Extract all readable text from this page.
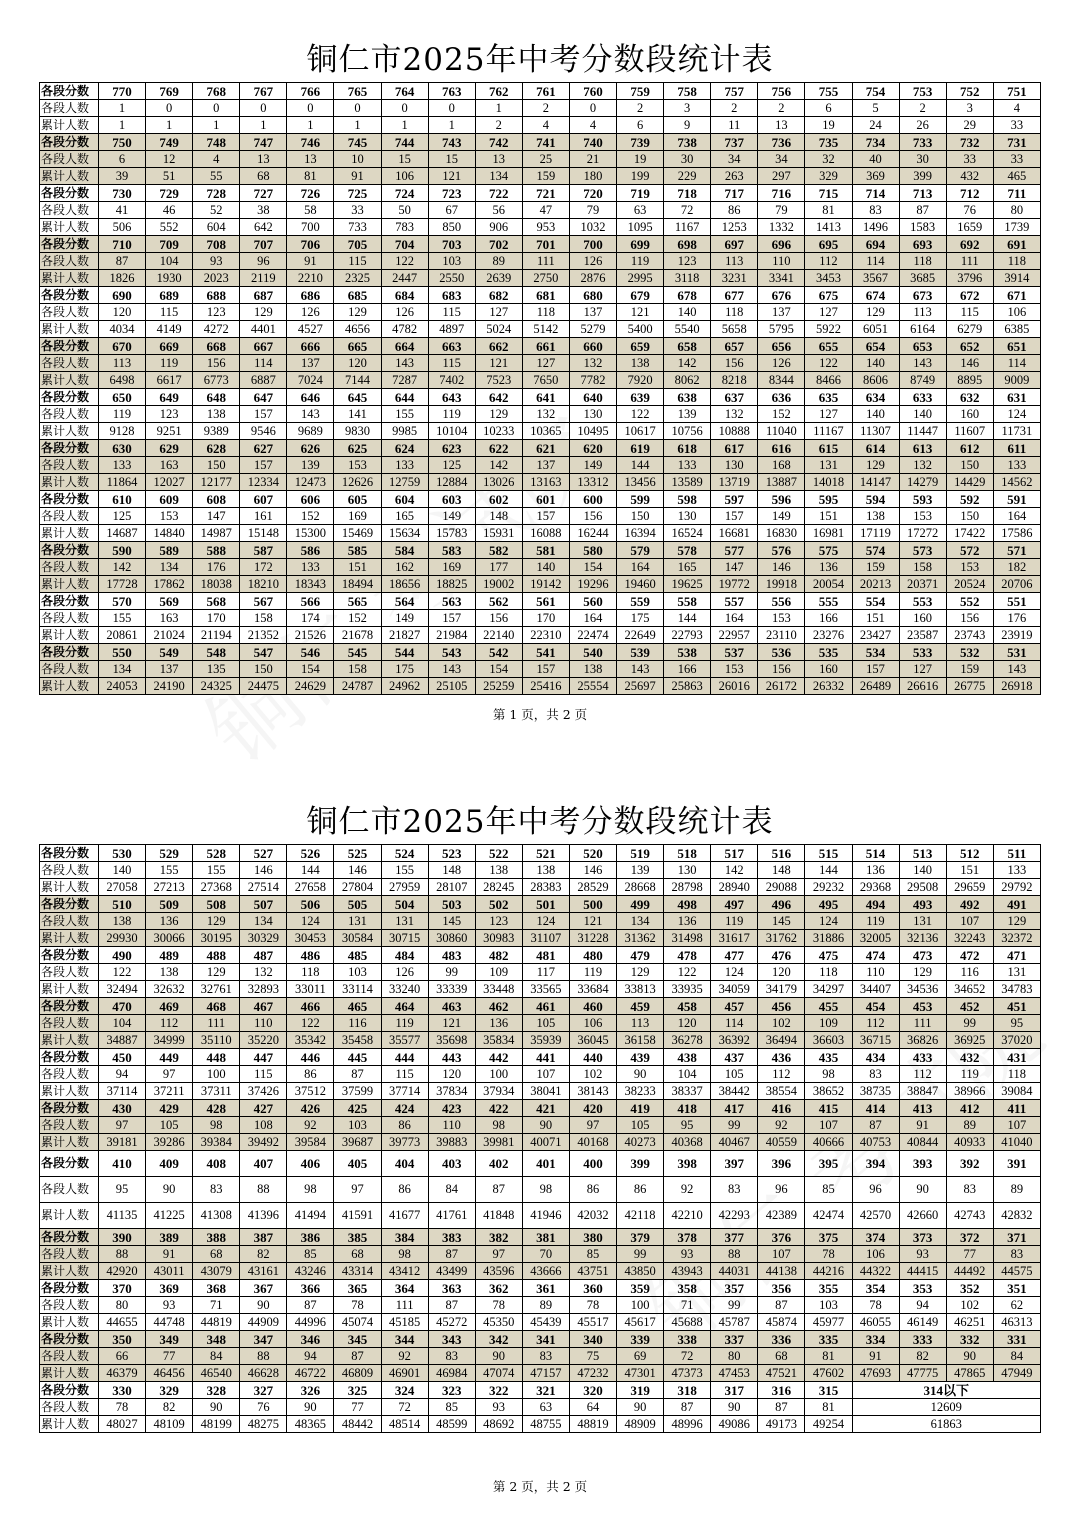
铜仁市2025年中考分数段统计表
各段分数	770	769	768	767	766	765	764	763	762	761	760	759	758	757	756	755	754	753	752	751
各段人数	1	0	0	0	0	0	0	0	1	2	0	2	3	2	2	6	5	2	3	4
累计人数	1	1	1	1	1	1	1	1	2	4	4	6	9	11	13	19	24	26	29	33
各段分数	750	749	748	747	746	745	744	743	742	741	740	739	738	737	736	735	734	733	732	731
各段人数	6	12	4	13	13	10	15	15	13	25	21	19	30	34	34	32	40	30	33	33
累计人数	39	51	55	68	81	91	106	121	134	159	180	199	229	263	297	329	369	399	432	465
各段分数	730	729	728	727	726	725	724	723	722	721	720	719	718	717	716	715	714	713	712	711
各段人数	41	46	52	38	58	33	50	67	56	47	79	63	72	86	79	81	83	87	76	80
累计人数	506	552	604	642	700	733	783	850	906	953	1032	1095	1167	1253	1332	1413	1496	1583	1659	1739
各段分数	710	709	708	707	706	705	704	703	702	701	700	699	698	697	696	695	694	693	692	691
各段人数	87	104	93	96	91	115	122	103	89	111	126	119	123	113	110	112	114	118	111	118
累计人数	1826	1930	2023	2119	2210	2325	2447	2550	2639	2750	2876	2995	3118	3231	3341	3453	3567	3685	3796	3914
各段分数	690	689	688	687	686	685	684	683	682	681	680	679	678	677	676	675	674	673	672	671
各段人数	120	115	123	129	126	129	126	115	127	118	137	121	140	118	137	127	129	113	115	106
累计人数	4034	4149	4272	4401	4527	4656	4782	4897	5024	5142	5279	5400	5540	5658	5795	5922	6051	6164	6279	6385
各段分数	670	669	668	667	666	665	664	663	662	661	660	659	658	657	656	655	654	653	652	651
各段人数	113	119	156	114	137	120	143	115	121	127	132	138	142	156	126	122	140	143	146	114
累计人数	6498	6617	6773	6887	7024	7144	7287	7402	7523	7650	7782	7920	8062	8218	8344	8466	8606	8749	8895	9009
各段分数	650	649	648	647	646	645	644	643	642	641	640	639	638	637	636	635	634	633	632	631
各段人数	119	123	138	157	143	141	155	119	129	132	130	122	139	132	152	127	140	140	160	124
累计人数	9128	9251	9389	9546	9689	9830	9985	10104	10233	10365	10495	10617	10756	10888	11040	11167	11307	11447	11607	11731
各段分数	630	629	628	627	626	625	624	623	622	621	620	619	618	617	616	615	614	613	612	611
各段人数	133	163	150	157	139	153	133	125	142	137	149	144	133	130	168	131	129	132	150	133
累计人数	11864	12027	12177	12334	12473	12626	12759	12884	13026	13163	13312	13456	13589	13719	13887	14018	14147	14279	14429	14562
各段分数	610	609	608	607	606	605	604	603	602	601	600	599	598	597	596	595	594	593	592	591
各段人数	125	153	147	161	152	169	165	149	148	157	156	150	130	157	149	151	138	153	150	164
累计人数	14687	14840	14987	15148	15300	15469	15634	15783	15931	16088	16244	16394	16524	16681	16830	16981	17119	17272	17422	17586
各段分数	590	589	588	587	586	585	584	583	582	581	580	579	578	577	576	575	574	573	572	571
各段人数	142	134	176	172	133	151	162	169	177	140	154	164	165	147	146	136	159	158	153	182
累计人数	17728	17862	18038	18210	18343	18494	18656	18825	19002	19142	19296	19460	19625	19772	19918	20054	20213	20371	20524	20706
各段分数	570	569	568	567	566	565	564	563	562	561	560	559	558	557	556	555	554	553	552	551
各段人数	155	163	170	158	174	152	149	157	156	170	164	175	144	164	153	166	151	160	156	176
累计人数	20861	21024	21194	21352	21526	21678	21827	21984	22140	22310	22474	22649	22793	22957	23110	23276	23427	23587	23743	23919
各段分数	550	549	548	547	546	545	544	543	542	541	540	539	538	537	536	535	534	533	532	531
各段人数	134	137	135	150	154	158	175	143	154	157	138	143	166	153	156	160	157	127	159	143
累计人数	24053	24190	24325	24475	24629	24787	24962	25105	25259	25416	25554	25697	25863	26016	26172	26332	26489	26616	26775	26918
第 1 页，共 2 页
铜仁市2025年中考分数段统计表
各段分数	530	529	528	527	526	525	524	523	522	521	520	519	518	517	516	515	514	513	512	511
各段人数	140	155	155	146	144	146	155	148	138	138	146	139	130	142	148	144	136	140	151	133
累计人数	27058	27213	27368	27514	27658	27804	27959	28107	28245	28383	28529	28668	28798	28940	29088	29232	29368	29508	29659	29792
各段分数	510	509	508	507	506	505	504	503	502	501	500	499	498	497	496	495	494	493	492	491
各段人数	138	136	129	134	124	131	131	145	123	124	121	134	136	119	145	124	119	131	107	129
累计人数	29930	30066	30195	30329	30453	30584	30715	30860	30983	31107	31228	31362	31498	31617	31762	31886	32005	32136	32243	32372
各段分数	490	489	488	487	486	485	484	483	482	481	480	479	478	477	476	475	474	473	472	471
各段人数	122	138	129	132	118	103	126	99	109	117	119	129	122	124	120	118	110	129	116	131
累计人数	32494	32632	32761	32893	33011	33114	33240	33339	33448	33565	33684	33813	33935	34059	34179	34297	34407	34536	34652	34783
各段分数	470	469	468	467	466	465	464	463	462	461	460	459	458	457	456	455	454	453	452	451
各段人数	104	112	111	110	122	116	119	121	136	105	106	113	120	114	102	109	112	111	99	95
累计人数	34887	34999	35110	35220	35342	35458	35577	35698	35834	35939	36045	36158	36278	36392	36494	36603	36715	36826	36925	37020
各段分数	450	449	448	447	446	445	444	443	442	441	440	439	438	437	436	435	434	433	432	431
各段人数	94	97	100	115	86	87	115	120	100	107	102	90	104	105	112	98	83	112	119	118
累计人数	37114	37211	37311	37426	37512	37599	37714	37834	37934	38041	38143	38233	38337	38442	38554	38652	38735	38847	38966	39084
各段分数	430	429	428	427	426	425	424	423	422	421	420	419	418	417	416	415	414	413	412	411
各段人数	97	105	98	108	92	103	86	110	98	90	97	105	95	99	92	107	87	91	89	107
累计人数	39181	39286	39384	39492	39584	39687	39773	39883	39981	40071	40168	40273	40368	40467	40559	40666	40753	40844	40933	41040
各段分数	410	409	408	407	406	405	404	403	402	401	400	399	398	397	396	395	394	393	392	391
各段人数	95	90	83	88	98	97	86	84	87	98	86	86	92	83	96	85	96	90	83	89
累计人数	41135	41225	41308	41396	41494	41591	41677	41761	41848	41946	42032	42118	42210	42293	42389	42474	42570	42660	42743	42832
各段分数	390	389	388	387	386	385	384	383	382	381	380	379	378	377	376	375	374	373	372	371
各段人数	88	91	68	82	85	68	98	87	97	70	85	99	93	88	107	78	106	93	77	83
累计人数	42920	43011	43079	43161	43246	43314	43412	43499	43596	43666	43751	43850	43943	44031	44138	44216	44322	44415	44492	44575
各段分数	370	369	368	367	366	365	364	363	362	361	360	359	358	357	356	355	354	353	352	351
各段人数	80	93	71	90	87	78	111	87	78	89	78	100	71	99	87	103	78	94	102	62
累计人数	44655	44748	44819	44909	44996	45074	45185	45272	45350	45439	45517	45617	45688	45787	45874	45977	46055	46149	46251	46313
各段分数	350	349	348	347	346	345	344	343	342	341	340	339	338	337	336	335	334	333	332	331
各段人数	66	77	84	88	94	87	92	83	90	83	75	69	72	80	68	81	91	82	90	84
累计人数	46379	46456	46540	46628	46722	46809	46901	46984	47074	47157	47232	47301	47373	47453	47521	47602	47693	47775	47865	47949
各段分数	330	329	328	327	326	325	324	323	322	321	320	319	318	317	316	315	314以下			
各段人数	78	82	90	76	90	77	72	85	93	63	64	90	87	90	87	81	12609			
累计人数	48027	48109	48199	48275	48365	48442	48514	48599	48692	48755	48819	48909	48996	49086	49173	49254	61863			
第 2 页，共 2 页
